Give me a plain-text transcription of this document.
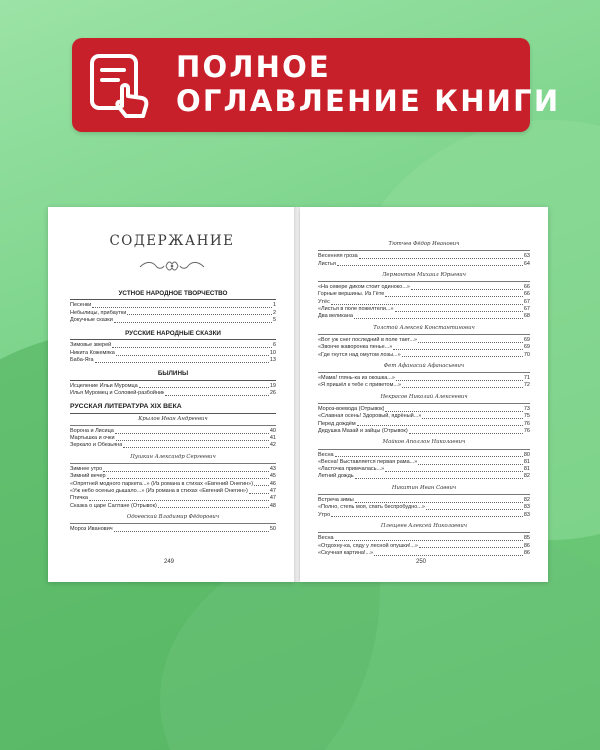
ПОЛНОЕ
ОГЛАВЛЕНИЕ КНИГИ
СОДЕРЖАНИЕ
УСТНОЕ НАРОДНОЕ ТВОРЧЕСТВО
Песенки	1
Небылицы, прибаутки	2
Докучные сказки	5
РУССКИЕ НАРОДНЫЕ СКАЗКИ
Зимовье зверей	6
Никита Кожемяка	10
Баба-Яга	13
БЫЛИНЫ
Исцеление Ильи Муромца	19
Илья Муромец и Соловей-разбойник	26
РУССКАЯ ЛИТЕРАТУРА XIX ВЕКА
Крылов Иван Андреевич
Ворона и Лисица	40
Мартышка и очки	41
Зеркало и Обезьяна	42
Пушкин Александр Сергеевич
Зимнее утро	43
Зимний вечер	45
«Опрятней модного паркета...» (Из романа в стихах «Евгений Онегин»)	46
«Уж небо осенью дышало...» (Из романа в стихах «Евгений Онегин»)	47
Птичка	47
Сказка о царе Салтане (Отрывок)	48
Одоевский Владимир Фёдорович
Мороз Иванович	50
249
Тютчев Фёдор Иванович
Весенняя гроза	63
Листья	64
Лермонтов Михаил Юрьевич
«На севере диком стоит одиноко...»	66
Горные вершины. Из Гёте	66
Утёс	67
«Листья в поле пожелтели...»	67
Два великана	68
Толстой Алексей Константинович
«Вот уж снег последний в поле тает...»	69
«Звонче жаворонка пенье...»	69
«Где гнутся над омутом лозы...»	70
Фет Афанасий Афанасьевич
«Мама! глянь-ка из окошка...»	71
«Я пришёл к тебе с приветом...»	72
Некрасов Николай Алексеевич
Мороз-воевода (Отрывок)	73
«Славная осень! Здоровый, ядрёный...»	75
Перед дождём	76
Дедушка Мазай и зайцы (Отрывок)	76
Майков Аполлон Николаевич
Весна	80
«Весна! Выставляется первая рама...»	81
«Ласточка примчалась...»	81
Летний дождь	82
Никитин Иван Саввич
Встреча зимы	82
«Полно, степь моя, спать беспробудно...»	83
Утро	83
Плещеев Алексей Николаевич
Весна	85
«Отдохну-ка, сяду у лесной опушки!...»	86
«Скучная картина!...»	86
250
